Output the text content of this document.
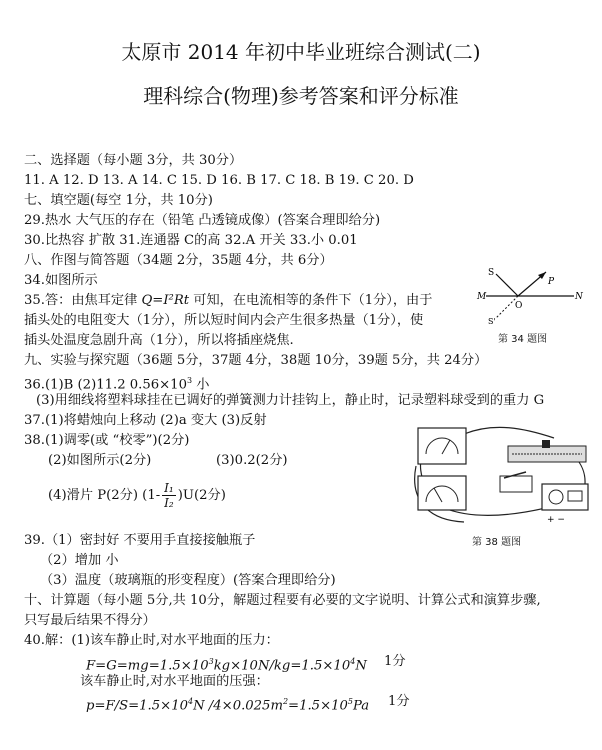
太原市 2014 年初中毕业班综合测试(二)
理科综合(物理)参考答案和评分标准
二、选择题（每小题 3分，共 30分）
11. A 12. D 13. A 14. C 15. D 16. B 17. C 18. B 19. C 20. D
七、填空题(每空 1分，共 10分)
29.热水 大气压的存在（铅笔 凸透镜成像）(答案合理即给分)
30.比热容 扩散 31.连通器 C的高 32.A 开关 33.小 0.01
八、作图与简答题（34题 2分，35题 4分，共 6分）
34.如图所示
35.答：由焦耳定律 Q=I²Rt 可知，在电流相等的条件下（1分），由于
插头处的电阻变大（1分），所以短时间内会产生很多热量（1分），使
插头处温度急剧升高（1分），所以将插座烧焦.
S
P
M	N
O
S'
第 34 题图
九、实验与探究题（36题 5分，37题 4分，38题 10分，39题 5分，共 24分）
36.(1)B (2)11.2 $0.56\times 10^3$ 小
(3)用细线将塑料球挂在已调好的弹簧测力计挂钩上，静止时，记录塑料球受到的重力 G
37.(1)将蜡烛向上移动 (2)a 变大 (3)反射
38.(1)调零(或 “校零”)(2分)
(2)如图所示(2分)	(3)0.2(2分)
(4)滑片 P(2分) $(1- \frac{\text{I₁}}{\text{I₂}} )U(2$分)
+ −
第 38 题图
39.（1）密封好 不要用手直接接触瓶子
（2）增加 小
（3）温度（玻璃瓶的形变程度）(答案合理即给分)
十、计算题（每小题 5分,共 10分，解题过程要有必要的文字说明、计算公式和演算步骤,
只写最后结果不得分）
40.解：(1)该车静止时,对水平地面的压力：
$F=G=mg=1.5\times 10^3kg\times 10N/kg=1.5\times 10^4N$ 1分
该车静止时,对水平地面的压强：
$p=F/S=1.5\times 10^4N$ $/4\times 0.025m^2=1.5\times 10^5Pa$ 1分
